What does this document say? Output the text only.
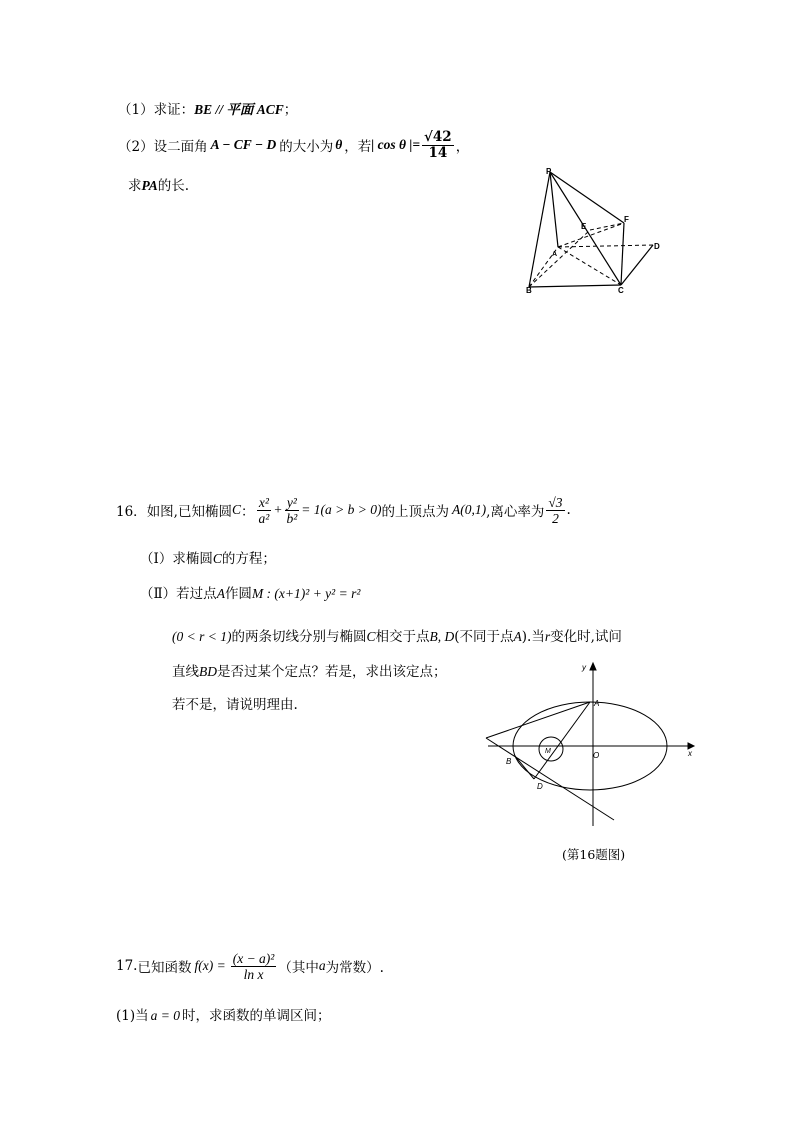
（1）求证：BE // 平面 ACF；
（2） 设二面角 A − CF − D 的大小为 θ ，若 | cos θ |= $\frac{√42}{14}$ ，
求PA的长.
P
E
F
A
D
B	C
16． 如图,已知椭圆 C ： $\frac{\text{x²}}{\text{a²}} + \frac{\text{y²}}{\text{b²}} = 1(a > b > 0)$ 的上顶点为 A(0,1) ,离心率为 $\frac{√3}{2}$ .
（Ⅰ）求椭圆C的方程；
（Ⅱ）若过点A作圆M : (x+1)² + y² = r²
(0 < r < 1)的两条切线分别与椭圆C相交于点B, D(不同于点A).当r变化时,试问
直线BD是否过某个定点？若是，求出该定点；
若不是，请说明理由.
y
A
M	O	x
B
D
(第16题图)
17. 已知函数 $f(x) = \frac{\text{(x − a)²}}{\text{ln x}}$ （其中 a 为常数）.
(1)当 a = 0 时，求函数的单调区间；
